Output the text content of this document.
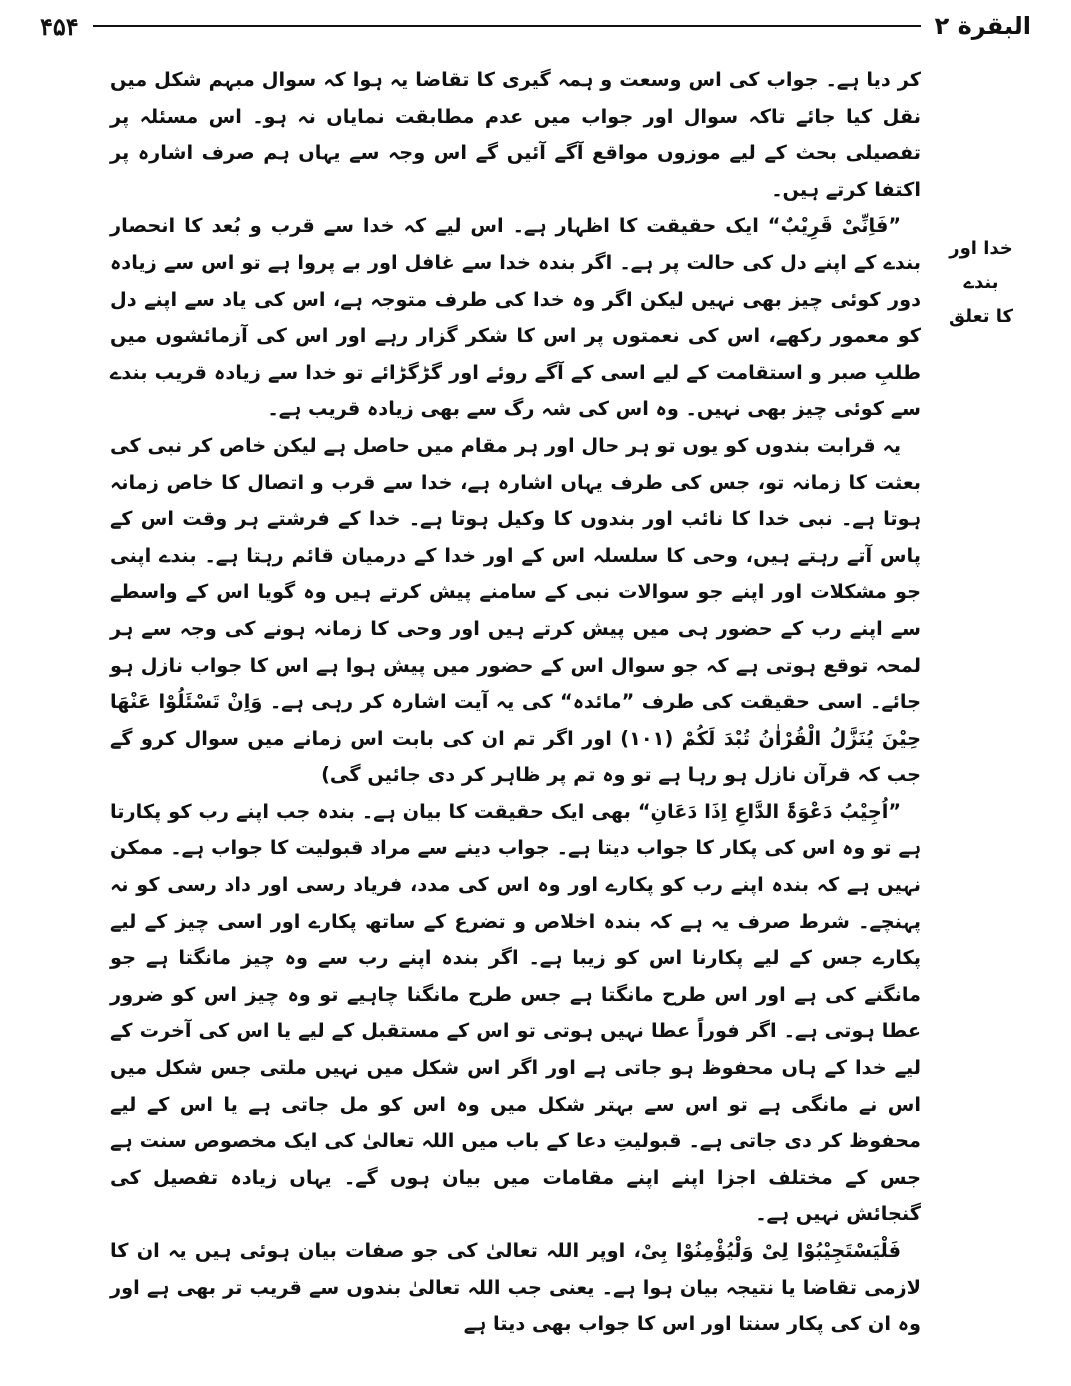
۴۵۴	البقرة ۲
خدا اور
بندے
کا تعلق

کر دیا ہے۔ جواب کی اس وسعت و ہمہ گیری کا تقاضا یہ ہوا کہ سوال مبہم شکل میں نقل کیا جائے تاکہ سوال اور جواب میں عدم مطابقت نمایاں نہ ہو۔ اس مسئلہ پر تفصیلی بحث کے لیے موزوں مواقع آگے آئیں گے اس وجہ سے یہاں ہم صرف اشارہ پر اکتفا کرتے ہیں۔

”فَاِنِّیْ قَرِیْبٌ“ ایک حقیقت کا اظہار ہے۔ اس لیے کہ خدا سے قرب و بُعد کا انحصار بندے کے اپنے دل کی حالت پر ہے۔ اگر بندہ خدا سے غافل اور بے پروا ہے تو اس سے زیادہ دور کوئی چیز بھی نہیں لیکن اگر وہ خدا کی طرف متوجہ ہے، اس کی یاد سے اپنے دل کو معمور رکھے، اس کی نعمتوں پر اس کا شکر گزار رہے اور اس کی آزمائشوں میں طلبِ صبر و استقامت کے لیے اسی کے آگے روئے اور گڑگڑائے تو خدا سے زیادہ قریب بندے سے کوئی چیز بھی نہیں۔ وہ اس کی شہ رگ سے بھی زیادہ قریب ہے۔

یہ قرابت بندوں کو یوں تو ہر حال اور ہر مقام میں حاصل ہے لیکن خاص کر نبی کی بعثت کا زمانہ تو، جس کی طرف یہاں اشارہ ہے، خدا سے قرب و اتصال کا خاص زمانہ ہوتا ہے۔ نبی خدا کا نائب اور بندوں کا وکیل ہوتا ہے۔ خدا کے فرشتے ہر وقت اس کے پاس آتے رہتے ہیں، وحی کا سلسلہ اس کے اور خدا کے درمیان قائم رہتا ہے۔ بندے اپنی جو مشکلات اور اپنے جو سوالات نبی کے سامنے پیش کرتے ہیں وہ گویا اس کے واسطے سے اپنے رب کے حضور ہی میں پیش کرتے ہیں اور وحی کا زمانہ ہونے کی وجہ سے ہر لمحہ توقع ہوتی ہے کہ جو سوال اس کے حضور میں پیش ہوا ہے اس کا جواب نازل ہو جائے۔ اسی حقیقت کی طرف ”مائدہ“ کی یہ آیت اشارہ کر رہی ہے۔ وَاِنْ تَسْئَلُوْا عَنْھَا حِیْنَ یُنَزَّلُ الْقُرْاٰنُ تُبْدَ لَکُمْ (۱۰۱) اور اگر تم ان کی بابت اس زمانے میں سوال کرو گے جب کہ قرآن نازل ہو رہا ہے تو وہ تم پر ظاہر کر دی جائیں گی)

”اُجِیْبُ دَعْوَۃَ الدَّاعِ اِذَا دَعَانِ“ بھی ایک حقیقت کا بیان ہے۔ بندہ جب اپنے رب کو پکارتا ہے تو وہ اس کی پکار کا جواب دیتا ہے۔ جواب دینے سے مراد قبولیت کا جواب ہے۔ ممکن نہیں ہے کہ بندہ اپنے رب کو پکارے اور وہ اس کی مدد، فریاد رسی اور داد رسی کو نہ پہنچے۔ شرط صرف یہ ہے کہ بندہ اخلاص و تضرع کے ساتھ پکارے اور اسی چیز کے لیے پکارے جس کے لیے پکارنا اس کو زیبا ہے۔ اگر بندہ اپنے رب سے وہ چیز مانگتا ہے جو مانگنے کی ہے اور اس طرح مانگتا ہے جس طرح مانگنا چاہیے تو وہ چیز اس کو ضرور عطا ہوتی ہے۔ اگر فوراً عطا نہیں ہوتی تو اس کے مستقبل کے لیے یا اس کی آخرت کے لیے خدا کے ہاں محفوظ ہو جاتی ہے اور اگر اس شکل میں نہیں ملتی جس شکل میں اس نے مانگی ہے تو اس سے بہتر شکل میں وہ اس کو مل جاتی ہے یا اس کے لیے محفوظ کر دی جاتی ہے۔ قبولیتِ دعا کے باب میں اللہ تعالیٰ کی ایک مخصوص سنت ہے جس کے مختلف اجزا اپنے اپنے مقامات میں بیان ہوں گے۔ یہاں زیادہ تفصیل کی گنجائش نہیں ہے۔

فَلْیَسْتَجِیْبُوْا لِیْ وَلْیُؤْمِنُوْا بِیْ، اوپر اللہ تعالیٰ کی جو صفات بیان ہوئی ہیں یہ ان کا لازمی تقاضا یا نتیجہ بیان ہوا ہے۔ یعنی جب اللہ تعالیٰ بندوں سے قریب تر بھی ہے اور وہ ان کی پکار سنتا اور اس کا جواب بھی دیتا ہے
